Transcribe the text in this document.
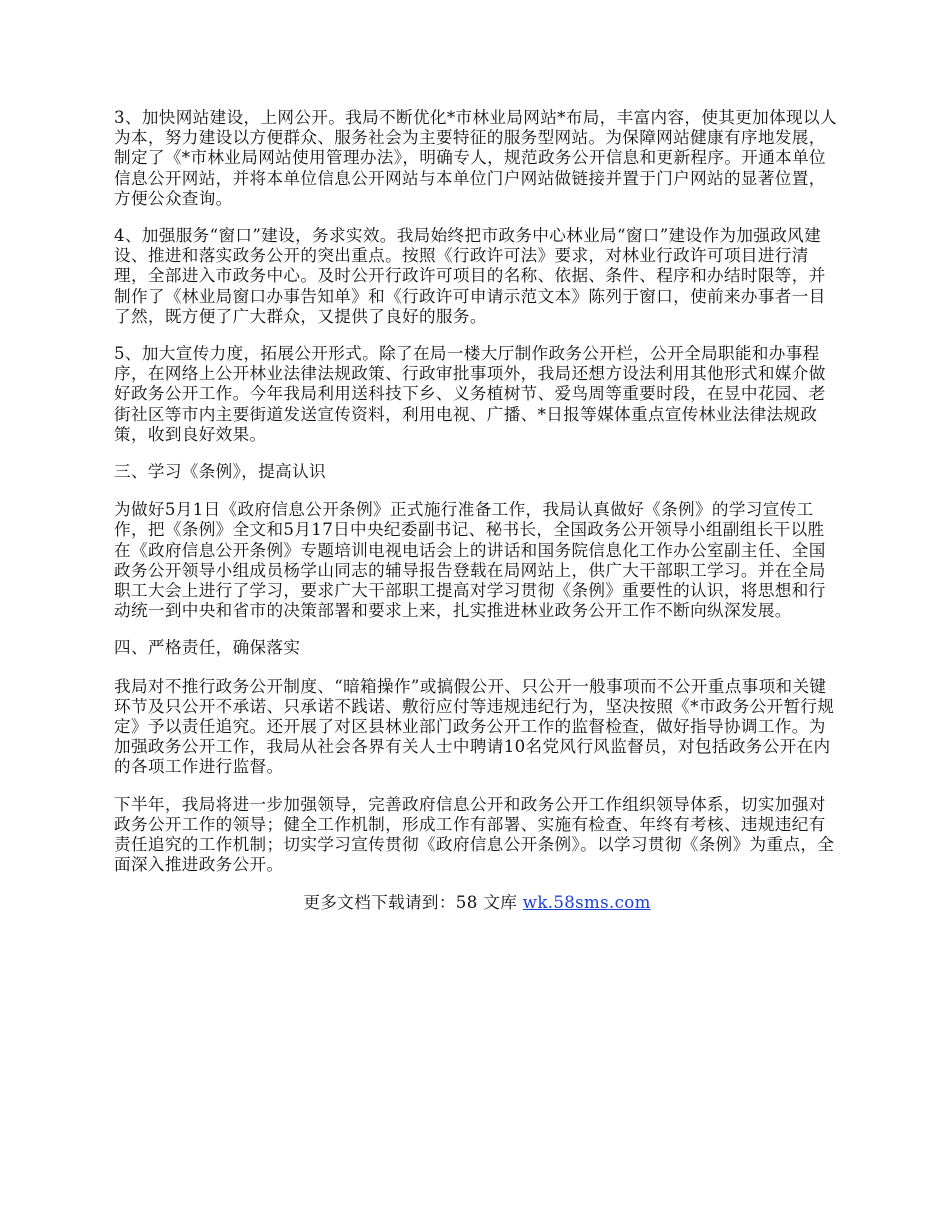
3、加快网站建设，上网公开。我局不断优化*市林业局网站*布局，丰富内容，使其更加体现以人为本，努力建设以方便群众、服务社会为主要特征的服务型网站。为保障网站健康有序地发展，制定了《*市林业局网站使用管理办法》，明确专人，规范政务公开信息和更新程序。开通本单位信息公开网站，并将本单位信息公开网站与本单位门户网站做链接并置于门户网站的显著位置，方便公众查询。

4、加强服务“窗口”建设，务求实效。我局始终把市政务中心林业局“窗口”建设作为加强政风建设、推进和落实政务公开的突出重点。按照《行政许可法》要求，对林业行政许可项目进行清理，全部进入市政务中心。及时公开行政许可项目的名称、依据、条件、程序和办结时限等，并制作了《林业局窗口办事告知单》和《行政许可申请示范文本》陈列于窗口，使前来办事者一目了然，既方便了广大群众，又提供了良好的服务。

5、加大宣传力度，拓展公开形式。除了在局一楼大厅制作政务公开栏，公开全局职能和办事程序，在网络上公开林业法律法规政策、行政审批事项外，我局还想方设法利用其他形式和媒介做好政务公开工作。今年我局利用送科技下乡、义务植树节、爱鸟周等重要时段，在昱中花园、老街社区等市内主要街道发送宣传资料，利用电视、广播、*日报等媒体重点宣传林业法律法规政策，收到良好效果。

三、学习《条例》，提高认识

为做好5月1日《政府信息公开条例》正式施行准备工作，我局认真做好《条例》的学习宣传工作，把《条例》全文和5月17日中央纪委副书记、秘书长，全国政务公开领导小组副组长干以胜在《政府信息公开条例》专题培训电视电话会上的讲话和国务院信息化工作办公室副主任、全国政务公开领导小组成员杨学山同志的辅导报告登载在局网站上，供广大干部职工学习。并在全局职工大会上进行了学习，要求广大干部职工提高对学习贯彻《条例》重要性的认识，将思想和行动统一到中央和省市的决策部署和要求上来，扎实推进林业政务公开工作不断向纵深发展。

四、严格责任，确保落实

我局对不推行政务公开制度、“暗箱操作”或搞假公开、只公开一般事项而不公开重点事项和关键环节及只公开不承诺、只承诺不践诺、敷衍应付等违规违纪行为，坚决按照《*市政务公开暂行规定》予以责任追究。还开展了对区县林业部门政务公开工作的监督检查，做好指导协调工作。为加强政务公开工作，我局从社会各界有关人士中聘请10名党风行风监督员，对包括政务公开在内的各项工作进行监督。

下半年，我局将进一步加强领导，完善政府信息公开和政务公开工作组织领导体系，切实加强对政务公开工作的领导；健全工作机制，形成工作有部署、实施有检查、年终有考核、违规违纪有责任追究的工作机制；切实学习宣传贯彻《政府信息公开条例》。以学习贯彻《条例》为重点，全面深入推进政务公开。

更多文档下载请到：58 文库 wk.58sms.com
